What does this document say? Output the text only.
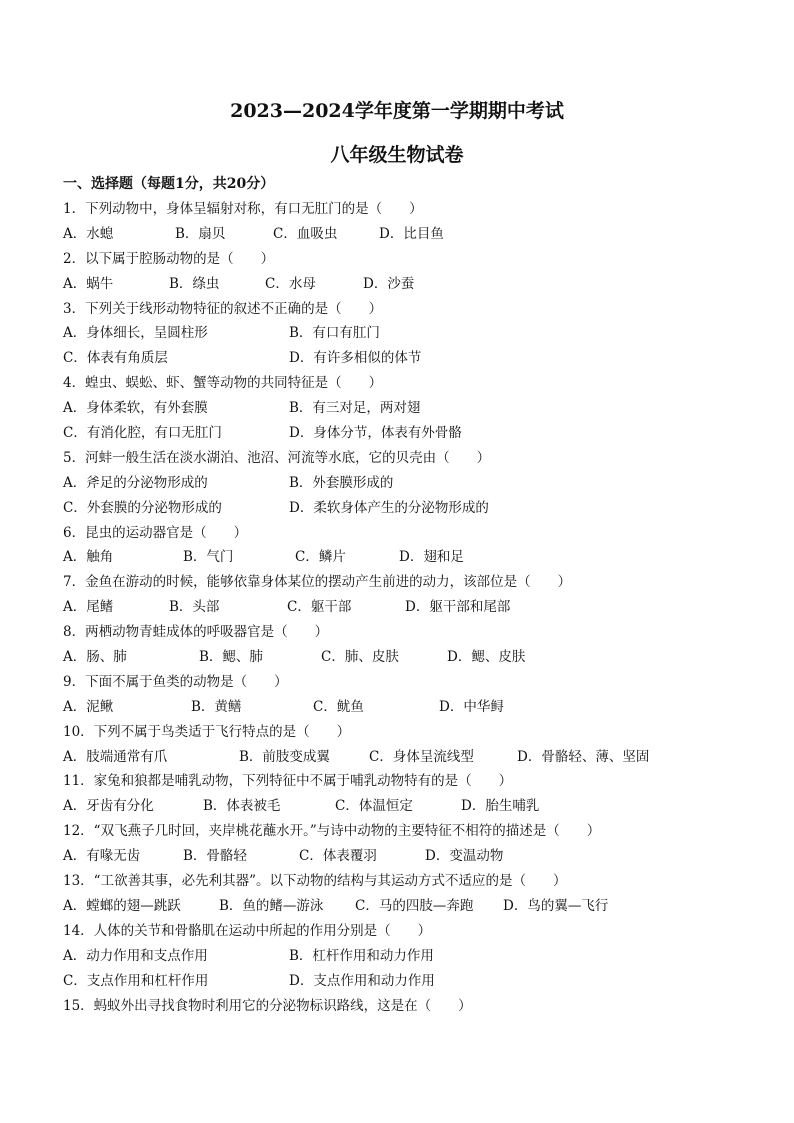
2023—2024学年度第一学期期中考试
八年级生物试卷
一、选择题（每题1分，共20分）
1．下列动物中，身体呈辐射对称，有口无肛门的是（　　）
A．水螅	B．扇贝	C．血吸虫	D．比目鱼
2．以下属于腔肠动物的是（　　）
A．蜗牛	B．绦虫	C．水母	D．沙蚕
3．下列关于线形动物特征的叙述不正确的是（　　）
A．身体细长，呈圆柱形	B．有口有肛门
C．体表有角质层	D．有许多相似的体节
4．蝗虫、蜈蚣、虾、蟹等动物的共同特征是（　　）
A．身体柔软，有外套膜	B．有三对足，两对翅
C．有消化腔，有口无肛门	D．身体分节，体表有外骨骼
5．河蚌一般生活在淡水湖泊、池沼、河流等水底，它的贝壳由（　　）
A．斧足的分泌物形成的	B．外套膜形成的
C．外套膜的分泌物形成的	D．柔软身体产生的分泌物形成的
6．昆虫的运动器官是（　　）
A．触角	B．气门	C．鳞片	D．翅和足
7．金鱼在游动的时候，能够依靠身体某位的摆动产生前进的动力，该部位是（　　）
A．尾鳍	B．头部	C．躯干部	D．躯干部和尾部
8．两栖动物青蛙成体的呼吸器官是（　　）
A．肠、肺	B．鳃、肺	C．肺、皮肤	D．鳃、皮肤
9．下面不属于鱼类的动物是（　　）
A．泥鳅	B．黄鳝	C．鱿鱼	D．中华鲟
10．下列不属于鸟类适于飞行特点的是（　　）
A．肢端通常有爪	B．前肢变成翼	C．身体呈流线型	D．骨骼轻、薄、坚固
11．家兔和狼都是哺乳动物，下列特征中不属于哺乳动物特有的是（　　）
A．牙齿有分化	B．体表被毛	C．体温恒定	D．胎生哺乳
12．“双飞燕子几时回，夹岸桃花蘸水开。”与诗中动物的主要特征不相符的描述是（　　）
A．有喙无齿	B．骨骼轻	C．体表覆羽	D．变温动物
13．“工欲善其事，必先利其器”。以下动物的结构与其运动方式不适应的是（　　）
A．螳螂的翅—跳跃	B．鱼的鳍—游泳 C．马的四肢—奔跑 D．鸟的翼—飞行
14．人体的关节和骨骼肌在运动中所起的作用分别是（　　）
A．动力作用和支点作用	B．杠杆作用和动力作用
C．支点作用和杠杆作用	D．支点作用和动力作用
15．蚂蚁外出寻找食物时利用它的分泌物标识路线，这是在（　　）
